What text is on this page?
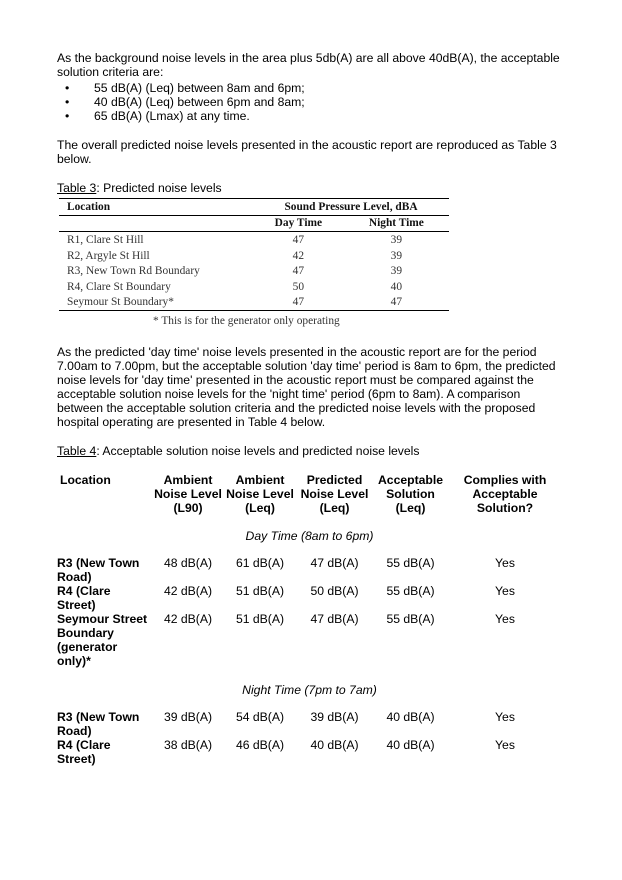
As the background noise levels in the area plus 5db(A) are all above 40dB(A), the acceptable solution criteria are:

• 55 dB(A) (Leq) between 8am and 6pm;
• 40 dB(A) (Leq) between 6pm and 8am;
• 65 dB(A) (Lmax) at any time.

The overall predicted noise levels presented in the acoustic report are reproduced as Table 3 below.

Table 3: Predicted noise levels

Location	Sound Pressure Level, dBA	
	Day Time	Night Time
R1, Clare St Hill	47	39
R2, Argyle St Hill	42	39
R3, New Town Rd Boundary	47	39
R4, Clare St Boundary	50	40
Seymour St Boundary*	47	47
* This is for the generator only operating

As the predicted 'day time' noise levels presented in the acoustic report are for the period 7.00am to 7.00pm, but the acceptable solution 'day time' period is 8am to 6pm, the predicted noise levels for 'day time' presented in the acoustic report must be compared against the acceptable solution noise levels for the 'night time' period (6pm to 8am). A comparison between the acceptable solution criteria and the predicted noise levels with the proposed hospital operating are presented in Table 4 below.

Table 4: Acceptable solution noise levels and predicted noise levels

Location	Ambient Noise Level (L90)	Ambient Noise Level (Leq)	Predicted Noise Level (Leq)	Acceptable Solution (Leq)	Complies with Acceptable Solution?
Day Time (8am to 6pm)					
R3 (New Town Road)	48 dB(A)	61 dB(A)	47 dB(A)	55 dB(A)	Yes
R4 (Clare Street)	42 dB(A)	51 dB(A)	50 dB(A)	55 dB(A)	Yes
Seymour Street Boundary (generator only)*	42 dB(A)	51 dB(A)	47 dB(A)	55 dB(A)	Yes
Night Time (7pm to 7am)					
R3 (New Town Road)	39 dB(A)	54 dB(A)	39 dB(A)	40 dB(A)	Yes
R4 (Clare Street)	38 dB(A)	46 dB(A)	40 dB(A)	40 dB(A)	Yes
